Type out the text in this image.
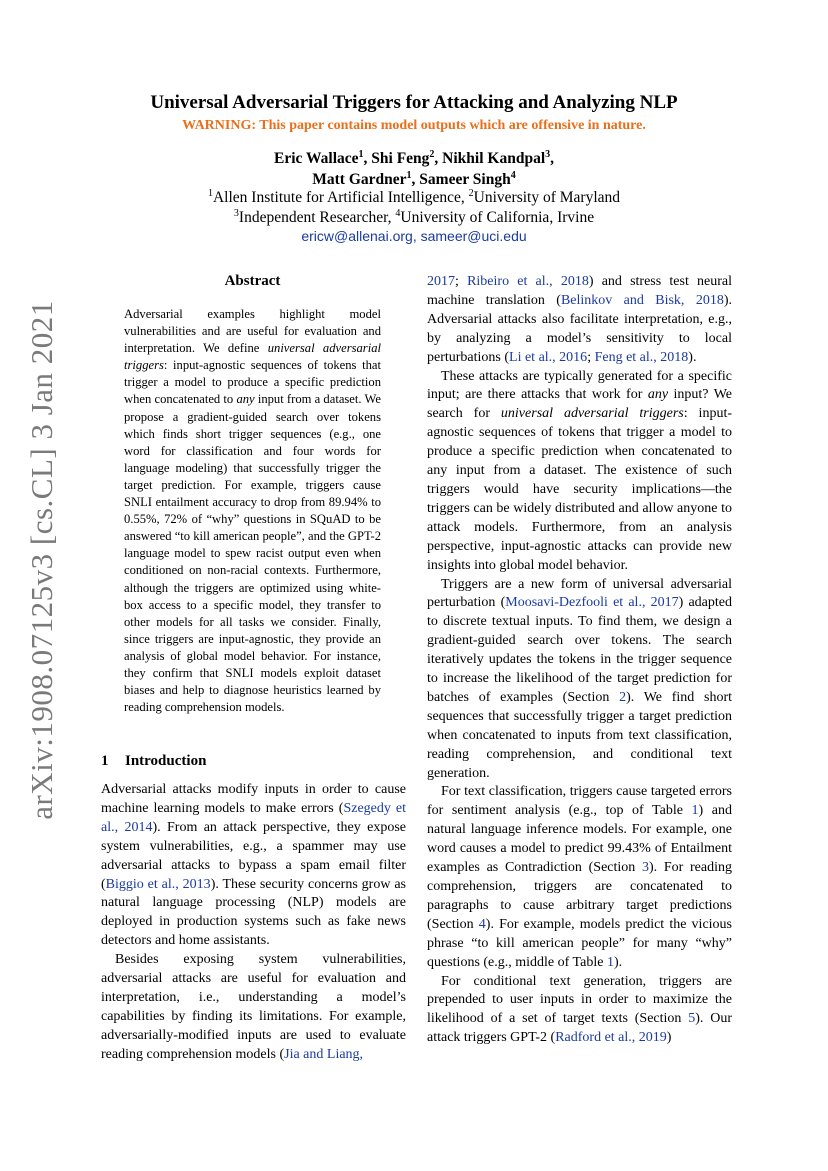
arXiv:1908.07125v3 [cs.CL] 3 Jan 2021
Universal Adversarial Triggers for Attacking and Analyzing NLP
WARNING: This paper contains model outputs which are offensive in nature.
Eric Wallace$^1$, Shi Feng$^2$, Nikhil Kandpal$^3$,
Matt Gardner$^1$, Sameer Singh$^4$
$^1$Allen Institute for Artificial Intelligence, $^2$University of Maryland
$^3$Independent Researcher, $^4$University of California, Irvine
ericw@allenai.org, sameer@uci.edu
Abstract

Adversarial examples highlight model vulnerabilities and are useful for evaluation and interpretation. We define universal adversarial triggers: input-agnostic sequences of tokens that trigger a model to produce a specific prediction when concatenated to any input from a dataset. We propose a gradient-guided search over tokens which finds short trigger sequences (e.g., one word for classification and four words for language modeling) that successfully trigger the target prediction. For example, triggers cause SNLI entailment accuracy to drop from 89.94% to 0.55%, 72% of “why” questions in SQuAD to be answered “to kill american people”, and the GPT-2 language model to spew racist output even when conditioned on non-racial contexts. Furthermore, although the triggers are optimized using white-box access to a specific model, they transfer to other models for all tasks we consider. Finally, since triggers are input-agnostic, they provide an analysis of global model behavior. For instance, they confirm that SNLI models exploit dataset biases and help to diagnose heuristics learned by reading comprehension models.

1 Introduction

Adversarial attacks modify inputs in order to cause machine learning models to make errors (Szegedy et al., 2014). From an attack perspective, they expose system vulnerabilities, e.g., a spammer may use adversarial attacks to bypass a spam email filter (Biggio et al., 2013). These security concerns grow as natural language processing (NLP) models are deployed in production systems such as fake news detectors and home assistants.

Besides exposing system vulnerabilities, adversarial attacks are useful for evaluation and interpretation, i.e., understanding a model’s capabilities by finding its limitations. For example, adversarially-modified inputs are used to evaluate reading comprehension models (Jia and Liang,

2017; Ribeiro et al., 2018) and stress test neural machine translation (Belinkov and Bisk, 2018). Adversarial attacks also facilitate interpretation, e.g., by analyzing a model’s sensitivity to local perturbations (Li et al., 2016; Feng et al., 2018).

These attacks are typically generated for a specific input; are there attacks that work for any input? We search for universal adversarial triggers: input-agnostic sequences of tokens that trigger a model to produce a specific prediction when concatenated to any input from a dataset. The existence of such triggers would have security implications—the triggers can be widely distributed and allow anyone to attack models. Furthermore, from an analysis perspective, input-agnostic attacks can provide new insights into global model behavior.

Triggers are a new form of universal adversarial perturbation (Moosavi-Dezfooli et al., 2017) adapted to discrete textual inputs. To find them, we design a gradient-guided search over tokens. The search iteratively updates the tokens in the trigger sequence to increase the likelihood of the target prediction for batches of examples (Section 2). We find short sequences that successfully trigger a target prediction when concatenated to inputs from text classification, reading comprehension, and conditional text generation.

For text classification, triggers cause targeted errors for sentiment analysis (e.g., top of Table 1) and natural language inference models. For example, one word causes a model to predict 99.43% of Entailment examples as Contradiction (Section 3). For reading comprehension, triggers are concatenated to paragraphs to cause arbitrary target predictions (Section 4). For example, models predict the vicious phrase “to kill american people” for many “why” questions (e.g., middle of Table 1).

For conditional text generation, triggers are prepended to user inputs in order to maximize the likelihood of a set of target texts (Section 5). Our attack triggers GPT-2 (Radford et al., 2019)
